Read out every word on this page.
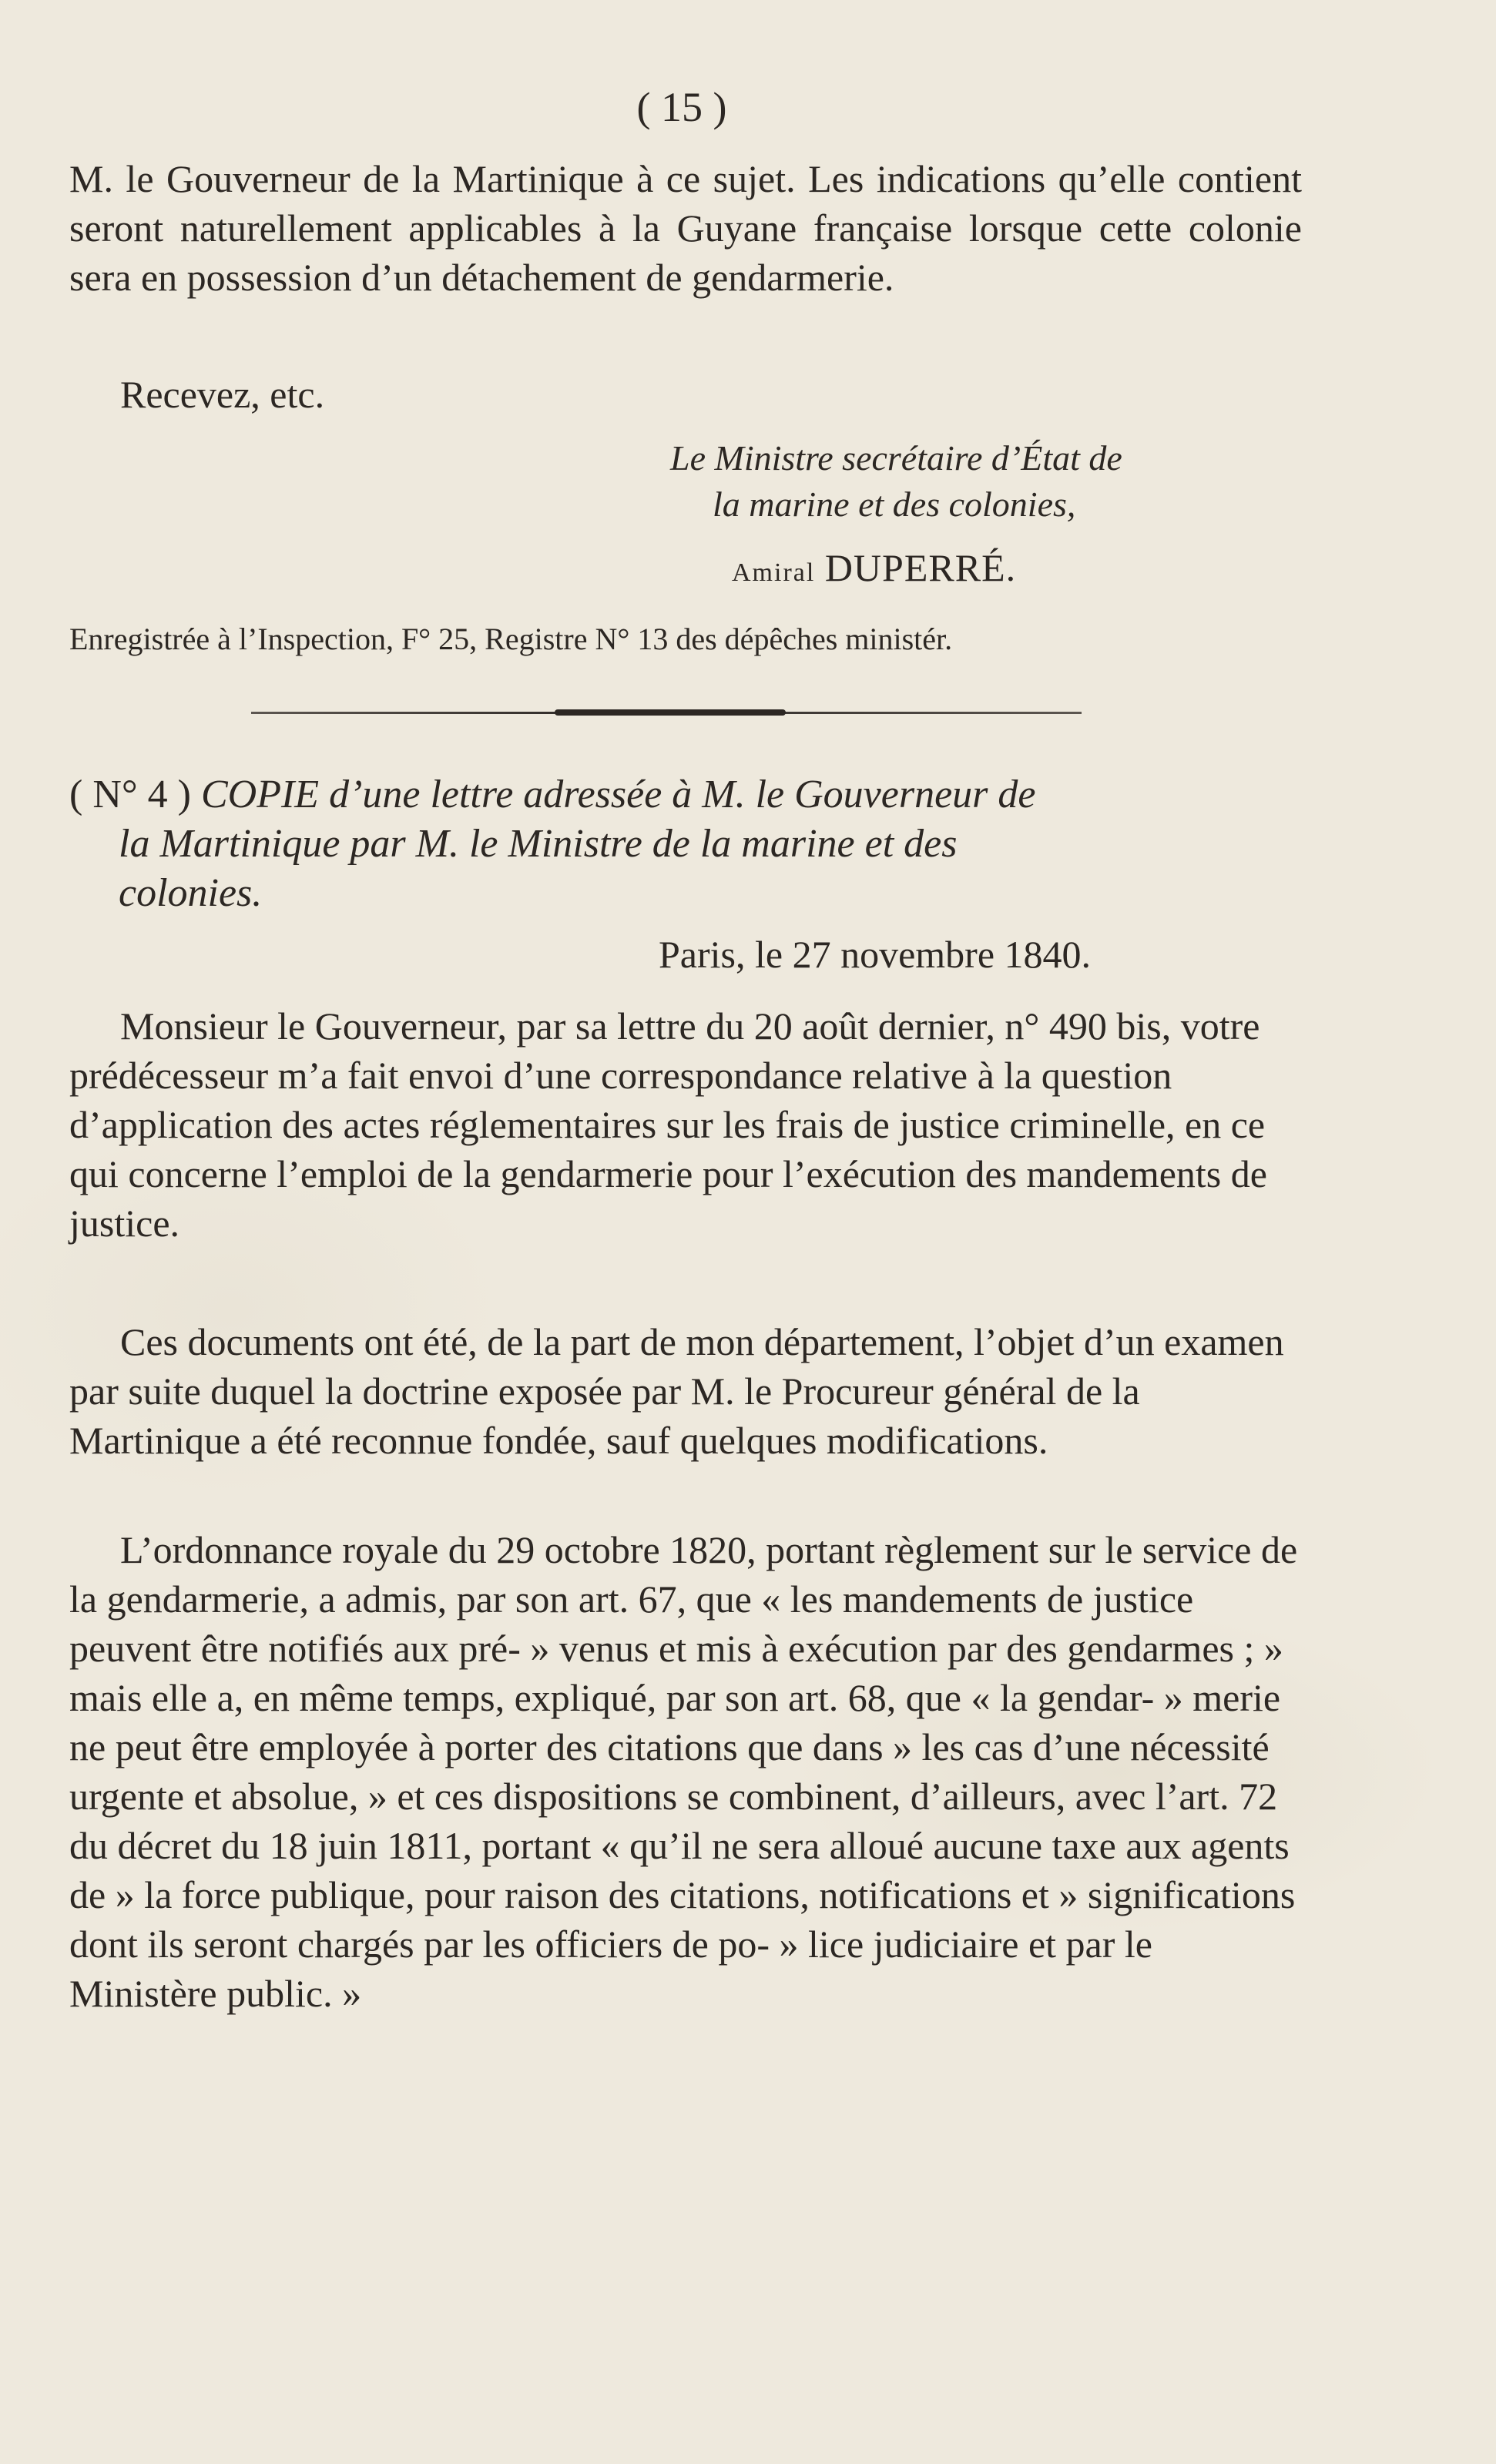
( 15 )
M. le Gouverneur de la Martinique à ce sujet. Les indications qu’elle contient seront naturellement applicables à la Guyane française lorsque cette colonie sera en possession d’un détachement de gendarmerie.
Recevez, etc.
Le Ministre secrétaire d’État de
la marine et des colonies,
Amiral DUPERRÉ.
Enregistrée à l’Inspection, F° 25, Registre N° 13 des dépêches ministér.
( N° 4 ) COPIE d’une lettre adressée à M. le Gouverneur de
la Martinique par M. le Ministre de la marine et des
colonies.
Paris, le 27 novembre 1840.
Monsieur le Gouverneur, par sa lettre du 20 août dernier, n° 490 bis, votre prédécesseur m’a fait envoi d’une correspondance relative à la question d’application des actes réglementaires sur les frais de justice criminelle, en ce qui concerne l’emploi de la gendarmerie pour l’exécution des mandements de justice.
Ces documents ont été, de la part de mon département, l’objet d’un examen par suite duquel la doctrine exposée par M. le Procureur général de la Martinique a été reconnue fondée, sauf quelques modifications.
L’ordonnance royale du 29 octobre 1820, portant règlement sur le service de la gendarmerie, a admis, par son art. 67, que « les mandements de justice peuvent être notifiés aux pré- » venus et mis à exécution par des gendarmes ; » mais elle a, en même temps, expliqué, par son art. 68, que « la gendar- » merie ne peut être employée à porter des citations que dans » les cas d’une nécessité urgente et absolue, » et ces dispositions se combinent, d’ailleurs, avec l’art. 72 du décret du 18 juin 1811, portant « qu’il ne sera alloué aucune taxe aux agents de » la force publique, pour raison des citations, notifications et » significations dont ils seront chargés par les officiers de po- » lice judiciaire et par le Ministère public. »
